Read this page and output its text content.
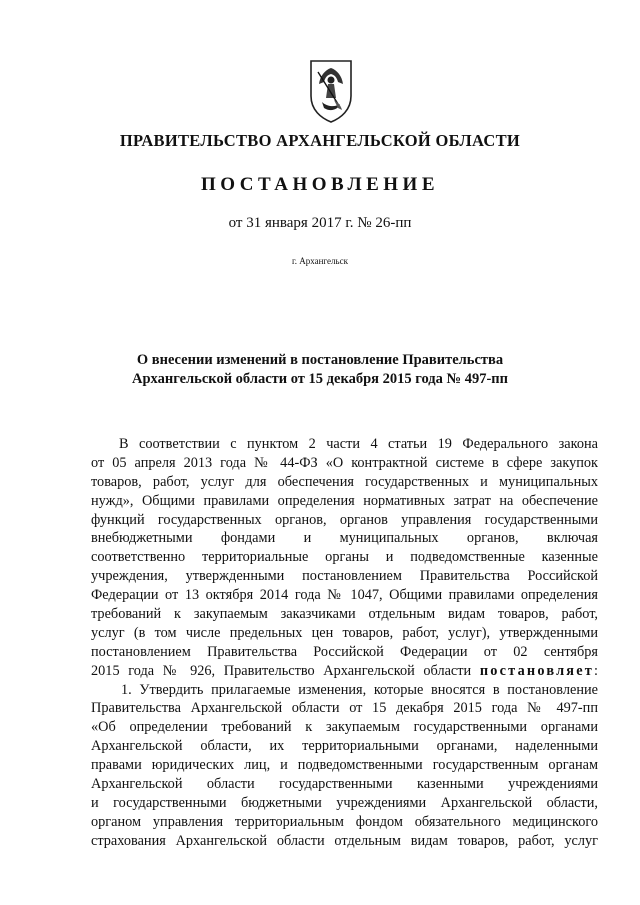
ПРАВИТЕЛЬСТВО АРХАНГЕЛЬСКОЙ ОБЛАСТИ
ПОСТАНОВЛЕНИЕ
от 31 января 2017 г. № 26-пп
г. Архангельск
О внесении изменений в постановление Правительства
Архангельской области от 15 декабря 2015 года № 497-пп
В соответствии с пунктом 2 части 4 статьи 19 Федерального закона
от 05 апреля 2013 года № 44-ФЗ «О контрактной системе в сфере закупок
товаров, работ, услуг для обеспечения государственных и муниципальных
нужд», Общими правилами определения нормативных затрат на обеспечение
функций государственных органов, органов управления государственными
внебюджетными фондами и муниципальных органов, включая
соответственно территориальные органы и подведомственные казенные
учреждения, утвержденными постановлением Правительства Российской
Федерации от 13 октября 2014 года № 1047, Общими правилами определения
требований к закупаемым заказчиками отдельным видам товаров, работ,
услуг (в том числе предельных цен товаров, работ, услуг), утвержденными
постановлением Правительства Российской Федерации от 02 сентября
2015 года № 926, Правительство Архангельской области постановляет:
1. Утвердить прилагаемые изменения, которые вносятся в постановление
Правительства Архангельской области от 15 декабря 2015 года № 497-пп
«Об определении требований к закупаемым государственными органами
Архангельской области, их территориальными органами, наделенными
правами юридических лиц, и подведомственными государственным органам
Архангельской области государственными казенными учреждениями
и государственными бюджетными учреждениями Архангельской области,
органом управления территориальным фондом обязательного медицинского
страхования Архангельской области отдельным видам товаров, работ, услуг
